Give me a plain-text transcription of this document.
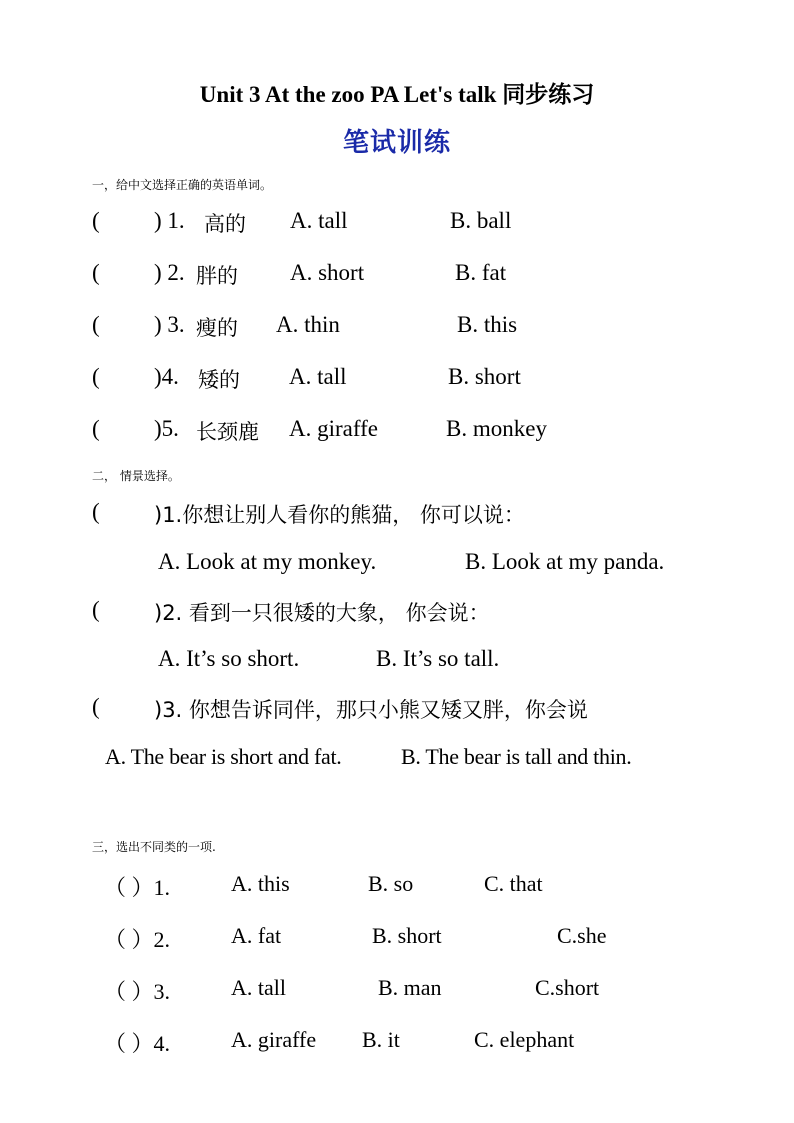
Unit 3 At the zoo PA Let's talk 同步练习
笔试训练
一，给中文选择正确的英语单词。
( ) 1. 高的 A. tall	B. ball
( ) 2. 胖的 A. short	B. fat
( ) 3. 瘦的 A. thin	B. this
( )4. 矮的 A. tall	B. short
( )5. 长颈鹿 A. giraffe	B. monkey
二， 情景选择。
(	)1.你想让别人看你的熊猫， 你可以说：
A. Look at my monkey.	B. Look at my panda.
(	)2. 看到一只很矮的大象， 你会说：
A. It’s so short.	B. It’s so tall.
(	)3. 你想告诉同伴，那只小熊又矮又胖，你会说
A. The bear is short and fat.	B. The bear is tall and thin.
三，选出不同类的一项.
（ ）1.	A. this	B. so	C. that
（ ）2.	A. fat	B. short	C.she
（ ）3.	A. tall	B. man	C.short
（ ）4.	A. giraffe B. it	C. elephant
